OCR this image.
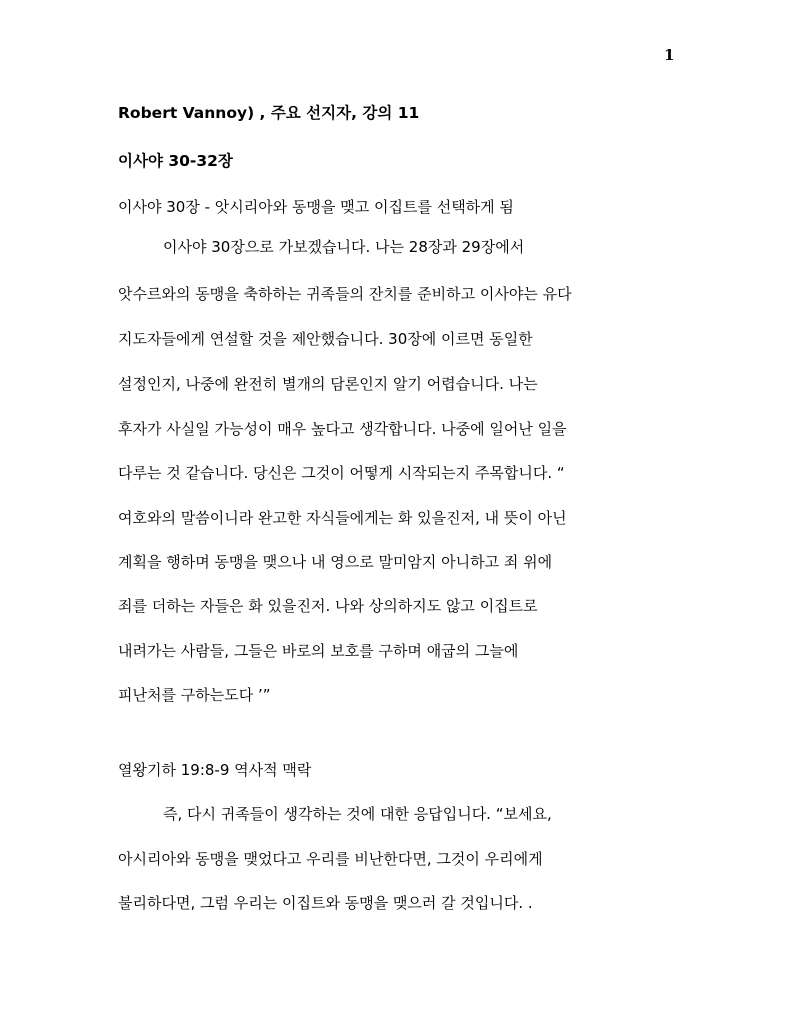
1
Robert Vannoy) , 주요 선지자, 강의 11
이사야 30-32장
이사야 30장 - 앗시리아와 동맹을 맺고 이집트를 선택하게 됨
이사야 30장으로 가보겠습니다. 나는 28장과 29장에서
앗수르와의 동맹을 축하하는 귀족들의 잔치를 준비하고 이사야는 유다
지도자들에게 연설할 것을 제안했습니다. 30장에 이르면 동일한
설정인지, 나중에 완전히 별개의 담론인지 알기 어렵습니다. 나는
후자가 사실일 가능성이 매우 높다고 생각합니다. 나중에 일어난 일을
다루는 것 같습니다. 당신은 그것이 어떻게 시작되는지 주목합니다. “
여호와의 말씀이니라 완고한 자식들에게는 화 있을진저, 내 뜻이 아닌
계획을 행하며 동맹을 맺으나 내 영으로 말미암지 아니하고 죄 위에
죄를 더하는 자들은 화 있을진저. 나와 상의하지도 않고 이집트로
내려가는 사람들, 그들은 바로의 보호를 구하며 애굽의 그늘에
피난처를 구하는도다 ’”
열왕기하 19:8-9 역사적 맥락
즉, 다시 귀족들이 생각하는 것에 대한 응답입니다. “보세요,
아시리아와 동맹을 맺었다고 우리를 비난한다면, 그것이 우리에게
불리하다면, 그럼 우리는 이집트와 동맹을 맺으러 갈 것입니다. .
